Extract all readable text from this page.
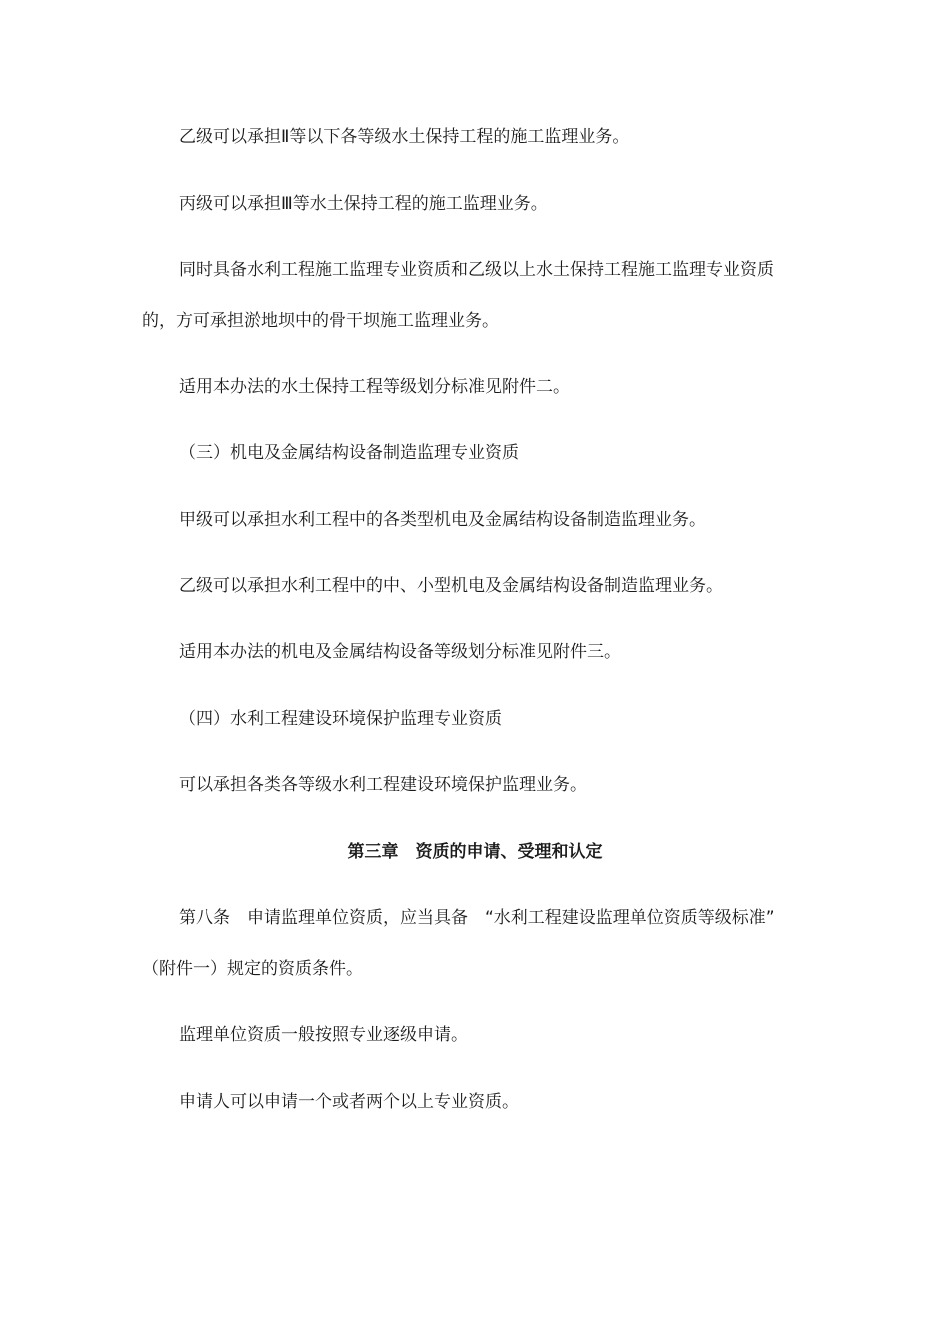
乙级可以承担Ⅱ等以下各等级水土保持工程的施工监理业务。
丙级可以承担Ⅲ等水土保持工程的施工监理业务。
同时具备水利工程施工监理专业资质和乙级以上水土保持工程施工监理专业资质
的，方可承担淤地坝中的骨干坝施工监理业务。
适用本办法的水土保持工程等级划分标准见附件二。
（三）机电及金属结构设备制造监理专业资质
甲级可以承担水利工程中的各类型机电及金属结构设备制造监理业务。
乙级可以承担水利工程中的中、小型机电及金属结构设备制造监理业务。
适用本办法的机电及金属结构设备等级划分标准见附件三。
（四）水利工程建设环境保护监理专业资质
可以承担各类各等级水利工程建设环境保护监理业务。
第三章　资质的申请、受理和认定
第八条　申请监理单位资质，应当具备　“水利工程建设监理单位资质等级标准”
（附件一）规定的资质条件。
监理单位资质一般按照专业逐级申请。
申请人可以申请一个或者两个以上专业资质。
